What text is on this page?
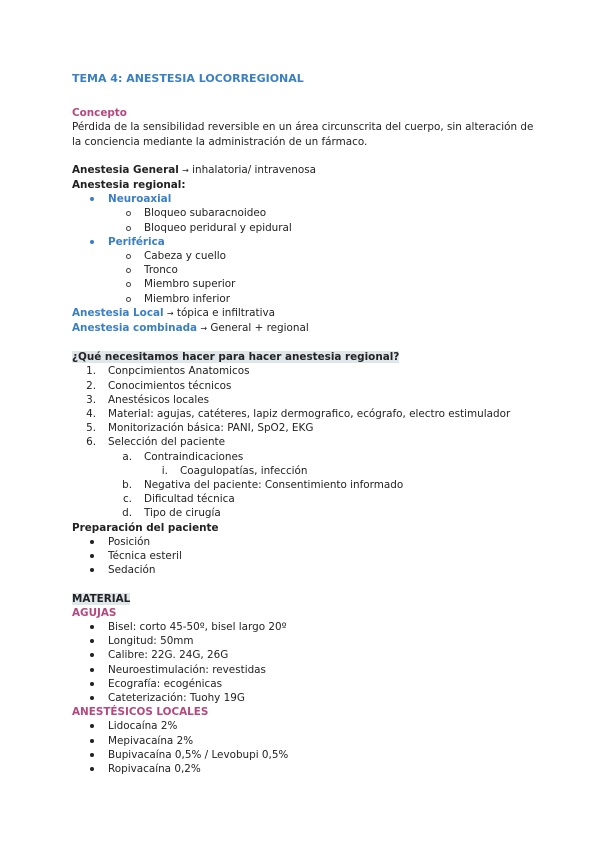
TEMA 4: ANESTESIA LOCORREGIONAL

Concepto

Pérdida de la sensibilidad reversible en un área circunscrita del cuerpo, sin alteración de la conciencia mediante la administración de un fármaco.

Anestesia General → inhalatoria/ intravenosa

Anestesia regional:

Neuroaxial
Bloqueo subaracnoideo
Bloqueo peridural y epidural
Periférica
Cabeza y cuello
Tronco
Miembro superior
Miembro inferior

Anestesia Local → tópica e infiltrativa

Anestesia combinada → General + regional

¿Qué necesitamos hacer para hacer anestesia regional?

1. Conpcimientos Anatomicos
2. Conocimientos técnicos
3. Anestésicos locales
4. Material: agujas, catéteres, lapiz dermografico, ecógrafo, electro estimulador
5. Monitorización básica: PANI, SpO2, EKG
6. Selección del paciente
a. Contraindicaciones
i. Coagulopatías, infección
b. Negativa del paciente: Consentimiento informado
c. Dificultad técnica
d. Tipo de cirugía

Preparación del paciente

Posición
Técnica esteril
Sedación

MATERIAL

AGUJAS

Bisel: corto 45-50º, bisel largo 20º
Longitud: 50mm
Calibre: 22G. 24G, 26G
Neuroestimulación: revestidas
Ecografía: ecogénicas
Cateterización: Tuohy 19G

ANESTÉSICOS LOCALES

Lidocaína 2%
Mepivacaína 2%
Bupivacaína 0,5% / Levobupi 0,5%
Ropivacaína 0,2%
